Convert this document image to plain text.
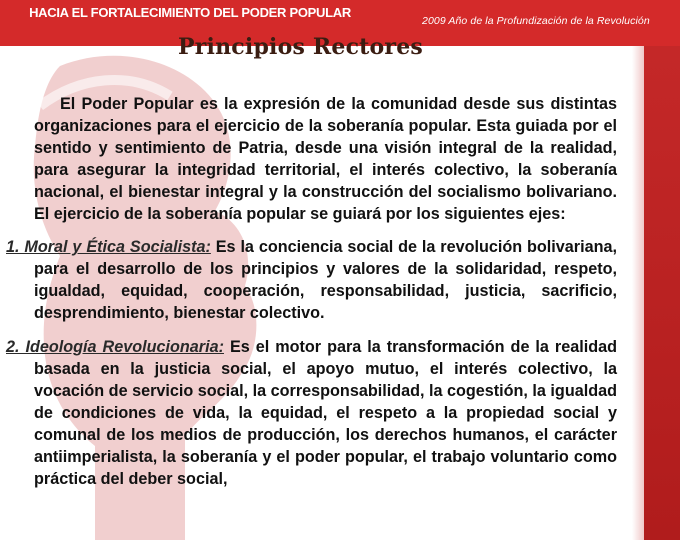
HACIA EL FORTALECIMIENTO DEL PODER POPULAR
2009 Año de la Profundización de la Revolución
Principios Rectores

El Poder Popular es la expresión de la comunidad desde sus distintas organizaciones para el ejercicio de la soberanía popular. Esta guiada por el sentido y sentimiento de Patria, desde una visión integral de la realidad, para asegurar la integridad territorial, el interés colectivo, la soberanía nacional, el bienestar integral y la construcción del socialismo bolivariano. El ejercicio de la soberanía popular se guiará por los siguientes ejes:

1. Moral y Ética Socialista: Es la conciencia social de la revolución bolivariana, para el desarrollo de los principios y valores de la solidaridad, respeto, igualdad, equidad, cooperación, responsabilidad, justicia, sacrificio, desprendimiento, bienestar colectivo.

2. Ideología Revolucionaria: Es el motor para la transformación de la realidad basada en la justicia social, el apoyo mutuo, el interés colectivo, la vocación de servicio social, la corresponsabilidad, la cogestión, la igualdad de condiciones de vida, la equidad, el respeto a la propiedad social y comunal de los medios de producción, los derechos humanos, el carácter antiimperialista, la soberanía y el poder popular, el trabajo voluntario como práctica del deber social,
